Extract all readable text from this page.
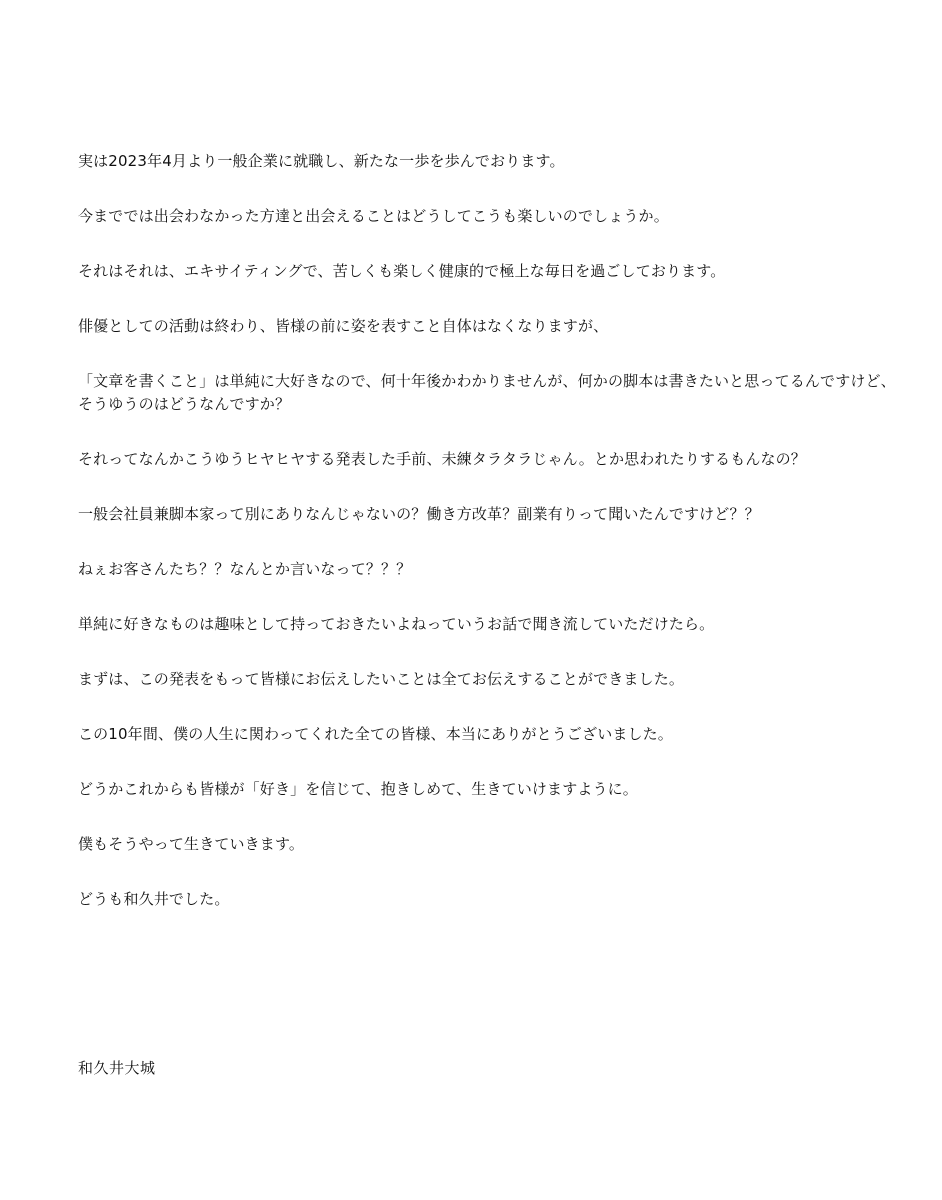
実は2023年4月より一般企業に就職し、新たな一歩を歩んでおります。

今まででは出会わなかった方達と出会えることはどうしてこうも楽しいのでしょうか。

それはそれは、エキサイティングで、苦しくも楽しく健康的で極上な毎日を過ごしております。

俳優としての活動は終わり、皆様の前に姿を表すこと自体はなくなりますが、

「文章を書くこと」は単純に大好きなので、何十年後かわかりませんが、何かの脚本は書きたいと思ってるんですけど、そうゆうのはどうなんですか？

それってなんかこうゆうヒヤヒヤする発表した手前、未練タラタラじゃん。とか思われたりするもんなの？

一般会社員兼脚本家って別にありなんじゃないの？働き方改革？副業有りって聞いたんですけど？？

ねぇお客さんたち？？なんとか言いなって？？？

単純に好きなものは趣味として持っておきたいよねっていうお話で聞き流していただけたら。

まずは、この発表をもって皆様にお伝えしたいことは全てお伝えすることができました。

この10年間、僕の人生に関わってくれた全ての皆様、本当にありがとうございました。

どうかこれからも皆様が「好き」を信じて、抱きしめて、生きていけますように。

僕もそうやって生きていきます。

どうも和久井でした。

和久井大城
